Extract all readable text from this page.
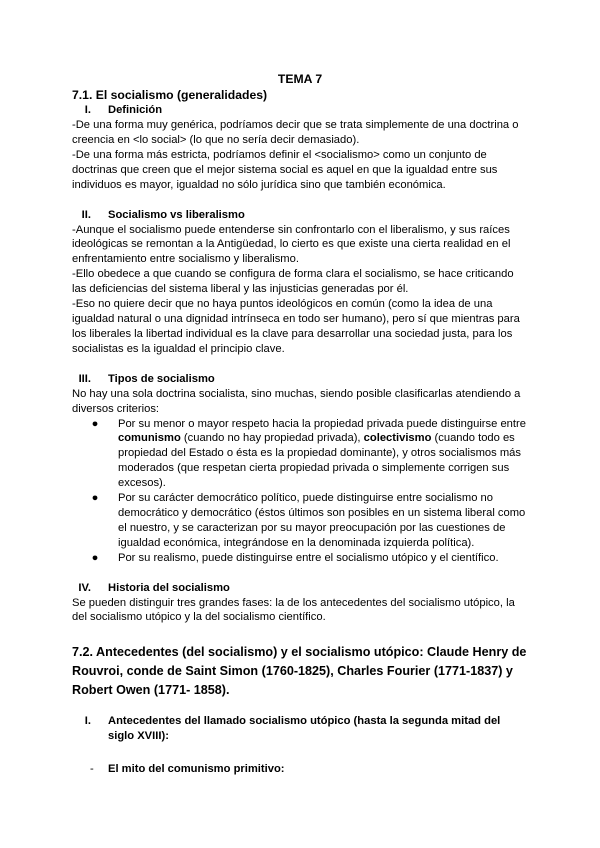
TEMA 7

7.1. El socialismo (generalidades)

I.	Definición

-De una forma muy genérica, podríamos decir que se trata simplemente de una doctrina o creencia en <lo social> (lo que no sería decir demasiado).

-De una forma más estricta, podríamos definir el <socialismo> como un conjunto de doctrinas que creen que el mejor sistema social es aquel en que la igualdad entre sus individuos es mayor, igualdad no sólo jurídica sino que también económica.

II.	Socialismo vs liberalismo

-Aunque el socialismo puede entenderse sin confrontarlo con el liberalismo, y sus raíces ideológicas se remontan a la Antigüedad, lo cierto es que existe una cierta realidad en el enfrentamiento entre socialismo y liberalismo.

-Ello obedece a que cuando se configura de forma clara el socialismo, se hace criticando las deficiencias del sistema liberal y las injusticias generadas por él.

-Eso no quiere decir que no haya puntos ideológicos en común (como la idea de una igualdad natural o una dignidad intrínseca en todo ser humano), pero sí que mientras para los liberales la libertad individual es la clave para desarrollar una sociedad justa, para los socialistas es la igualdad el principio clave.

III.	Tipos de socialismo

No hay una sola doctrina socialista, sino muchas, siendo posible clasificarlas atendiendo a diversos criterios:

● Por su menor o mayor respeto hacia la propiedad privada puede distinguirse entre comunismo (cuando no hay propiedad privada), colectivismo (cuando todo es propiedad del Estado o ésta es la propiedad dominante), y otros socialismos más moderados (que respetan cierta propiedad privada o simplemente corrigen sus excesos).
● Por su carácter democrático político, puede distinguirse entre socialismo no democrático y democrático (éstos últimos son posibles en un sistema liberal como el nuestro, y se caracterizan por su mayor preocupación por las cuestiones de igualdad económica, integrándose en la denominada izquierda política).
● Por su realismo, puede distinguirse entre el socialismo utópico y el científico.
IV.	Historia del socialismo

Se pueden distinguir tres grandes fases: la de los antecedentes del socialismo utópico, la del socialismo utópico y la del socialismo científico.

7.2. Antecedentes (del socialismo) y el socialismo utópico: Claude Henry de Rouvroi, conde de Saint Simon (1760-1825), Charles Fourier (1771-1837) y Robert Owen (1771- 1858).

I.	Antecedentes del llamado socialismo utópico (hasta la segunda mitad del siglo XVIII):
-	El mito del comunismo primitivo:
